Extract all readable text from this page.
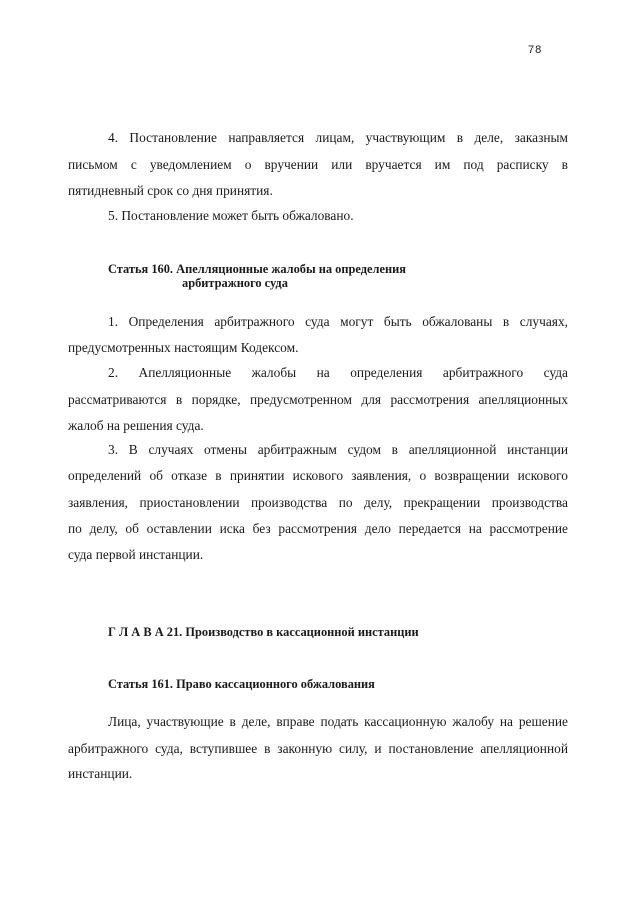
78
4. Постановление направляется лицам, участвующим в деле, заказным
письмом с уведомлением о вручении или вручается им под расписку в
пятидневный срок со дня принятия.
5. Постановление может быть обжаловано.
Статья 160. Апелляционные жалобы на определения
арбитражного суда
1. Определения арбитражного суда могут быть обжалованы в случаях,
предусмотренных настоящим Кодексом.
2. Апелляционные жалобы на определения арбитражного суда
рассматриваются в порядке, предусмотренном для рассмотрения апелляционных
жалоб на решения суда.
3. В случаях отмены арбитражным судом в апелляционной инстанции
определений об отказе в принятии искового заявления, о возвращении искового
заявления, приостановлении производства по делу, прекращении производства
по делу, об оставлении иска без рассмотрения дело передается на рассмотрение
суда первой инстанции.
Г Л А В А 21. Производство в кассационной инстанции
Статья 161. Право кассационного обжалования
Лица, участвующие в деле, вправе подать кассационную жалобу на решение
арбитражного суда, вступившее в законную силу, и постановление апелляционной
инстанции.
